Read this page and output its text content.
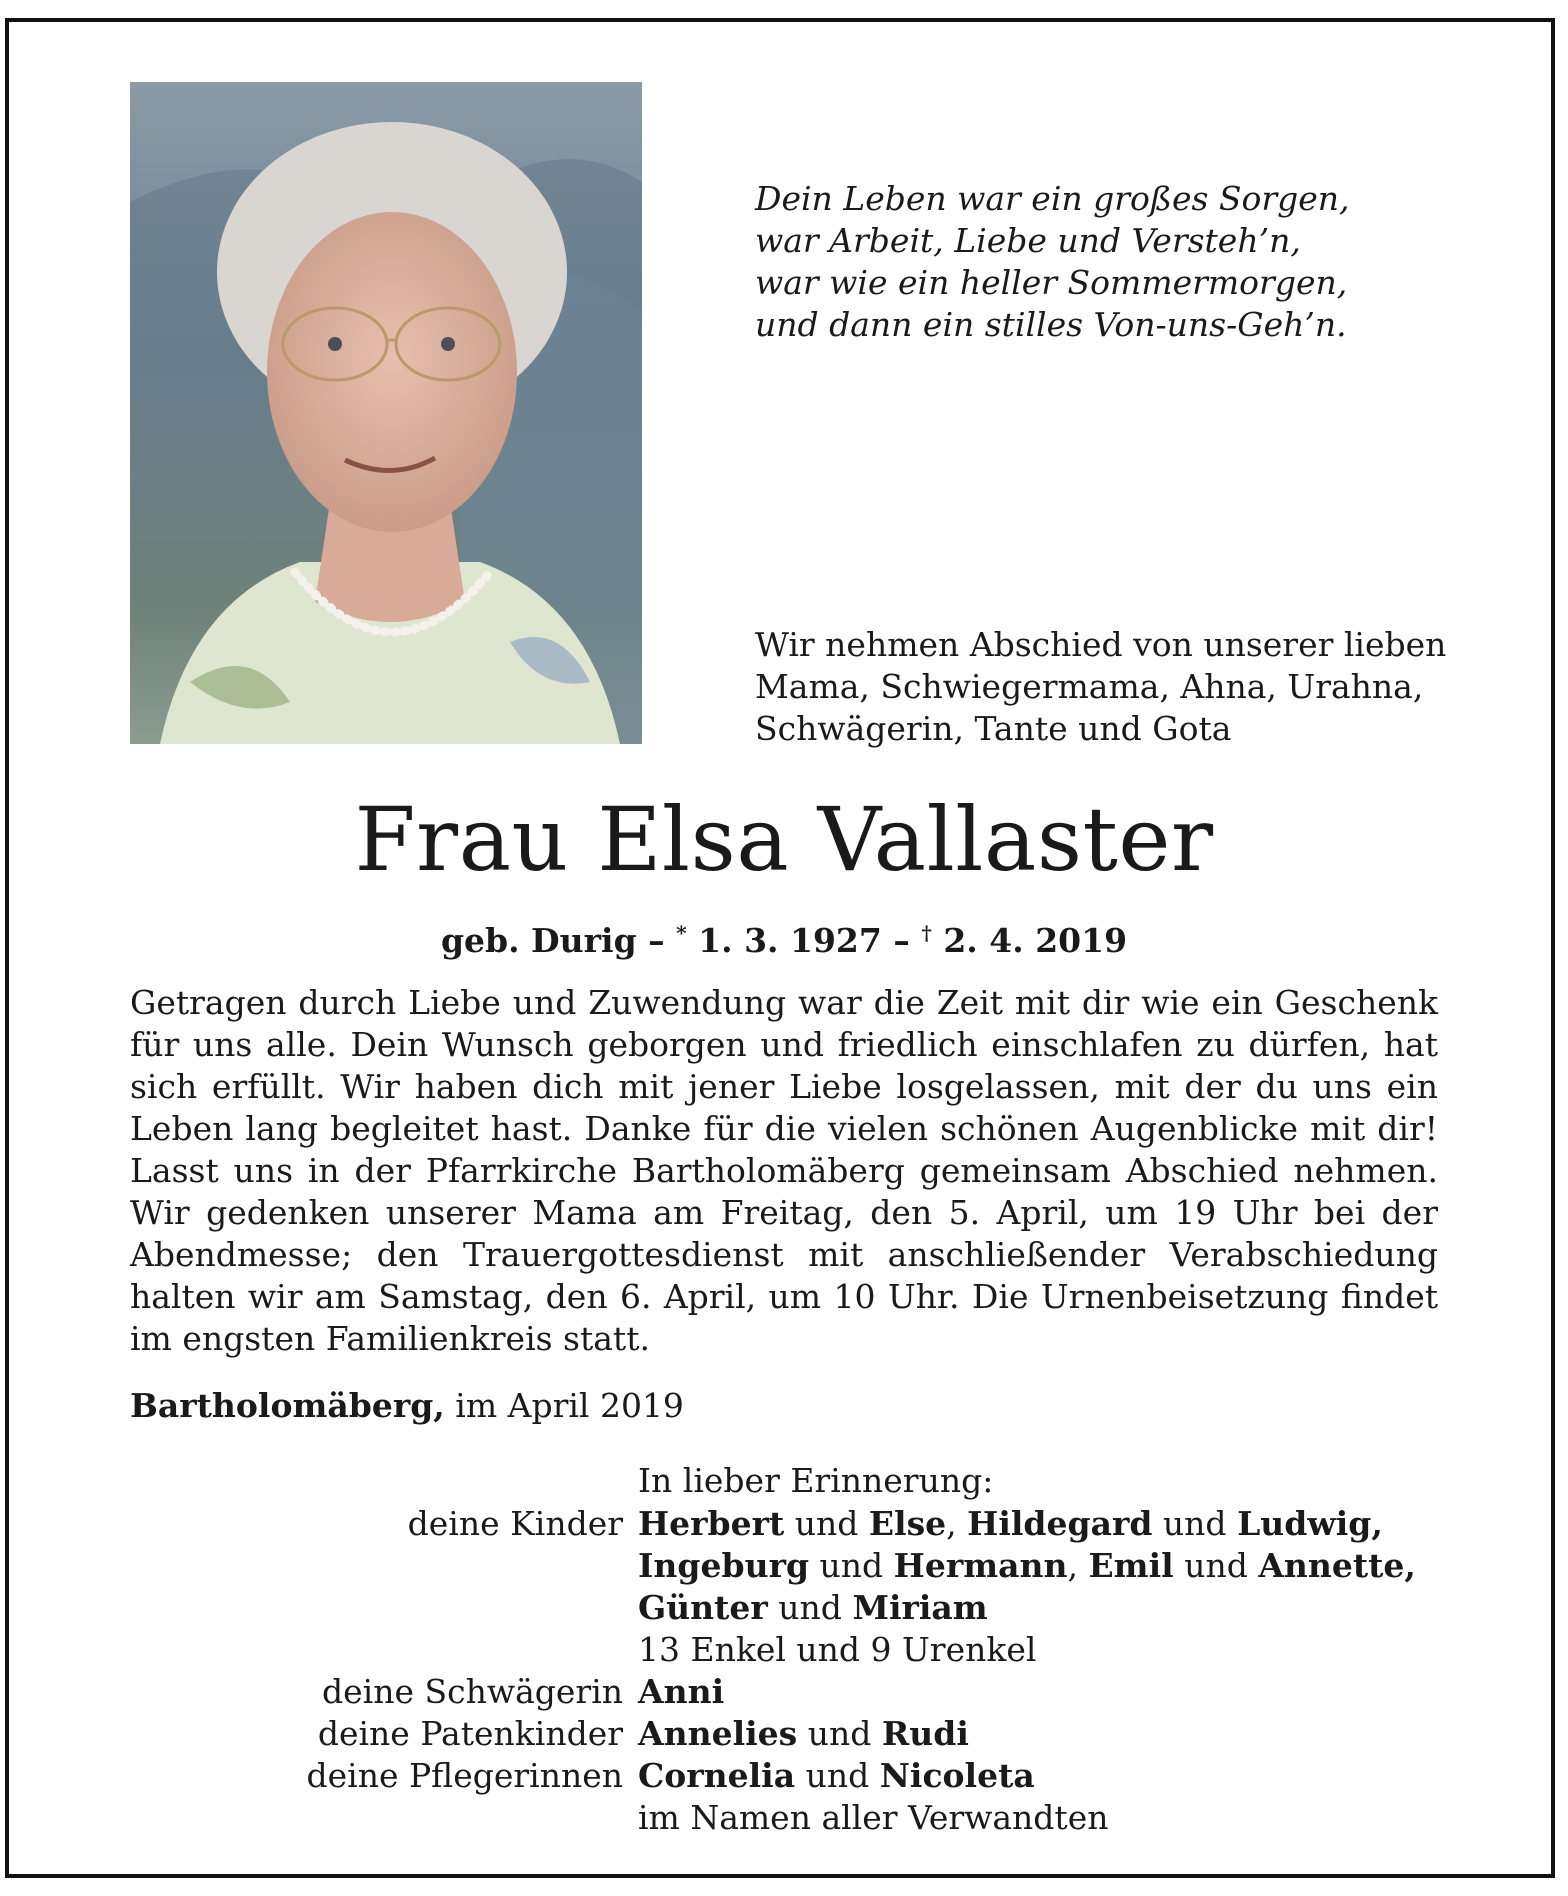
Dein Leben war ein großes Sorgen,
war Arbeit, Liebe und Versteh’n,
war wie ein heller Sommermorgen,
und dann ein stilles Von-uns-Geh’n.
Wir nehmen Abschied von unserer lieben
Mama, Schwiegermama, Ahna, Urahna,
Schwägerin, Tante und Gota
Frau Elsa Vallaster
geb. Durig – * 1. 3. 1927 – † 2. 4. 2019
Getragen durch Liebe und Zuwendung war die Zeit mit dir wie ein Geschenk für uns alle. Dein Wunsch geborgen und friedlich einschlafen zu dürfen, hat sich erfüllt. Wir haben dich mit jener Liebe losgelassen, mit der du uns ein Leben lang begleitet hast. Danke für die vielen schönen Augenblicke mit dir! Lasst uns in der Pfarrkirche Bartholomäberg gemeinsam Abschied nehmen. Wir gedenken unserer Mama am Freitag, den 5. April, um 19 Uhr bei der Abendmesse; den Trauergottesdienst mit anschließender Verabschiedung halten wir am Samstag, den 6. April, um 10 Uhr. Die Urnenbeisetzung findet im engsten Familienkreis statt.
Bartholomäberg, im April 2019
In lieber Erinnerung:
deine Kinder Herbert und Else, Hildegard und Ludwig,
Ingeburg und Hermann, Emil und Annette,
Günter und Miriam
13 Enkel und 9 Urenkel
deine Schwägerin Anni
deine Patenkinder Annelies und Rudi
deine Pflegerinnen Cornelia und Nicoleta
im Namen aller Verwandten
